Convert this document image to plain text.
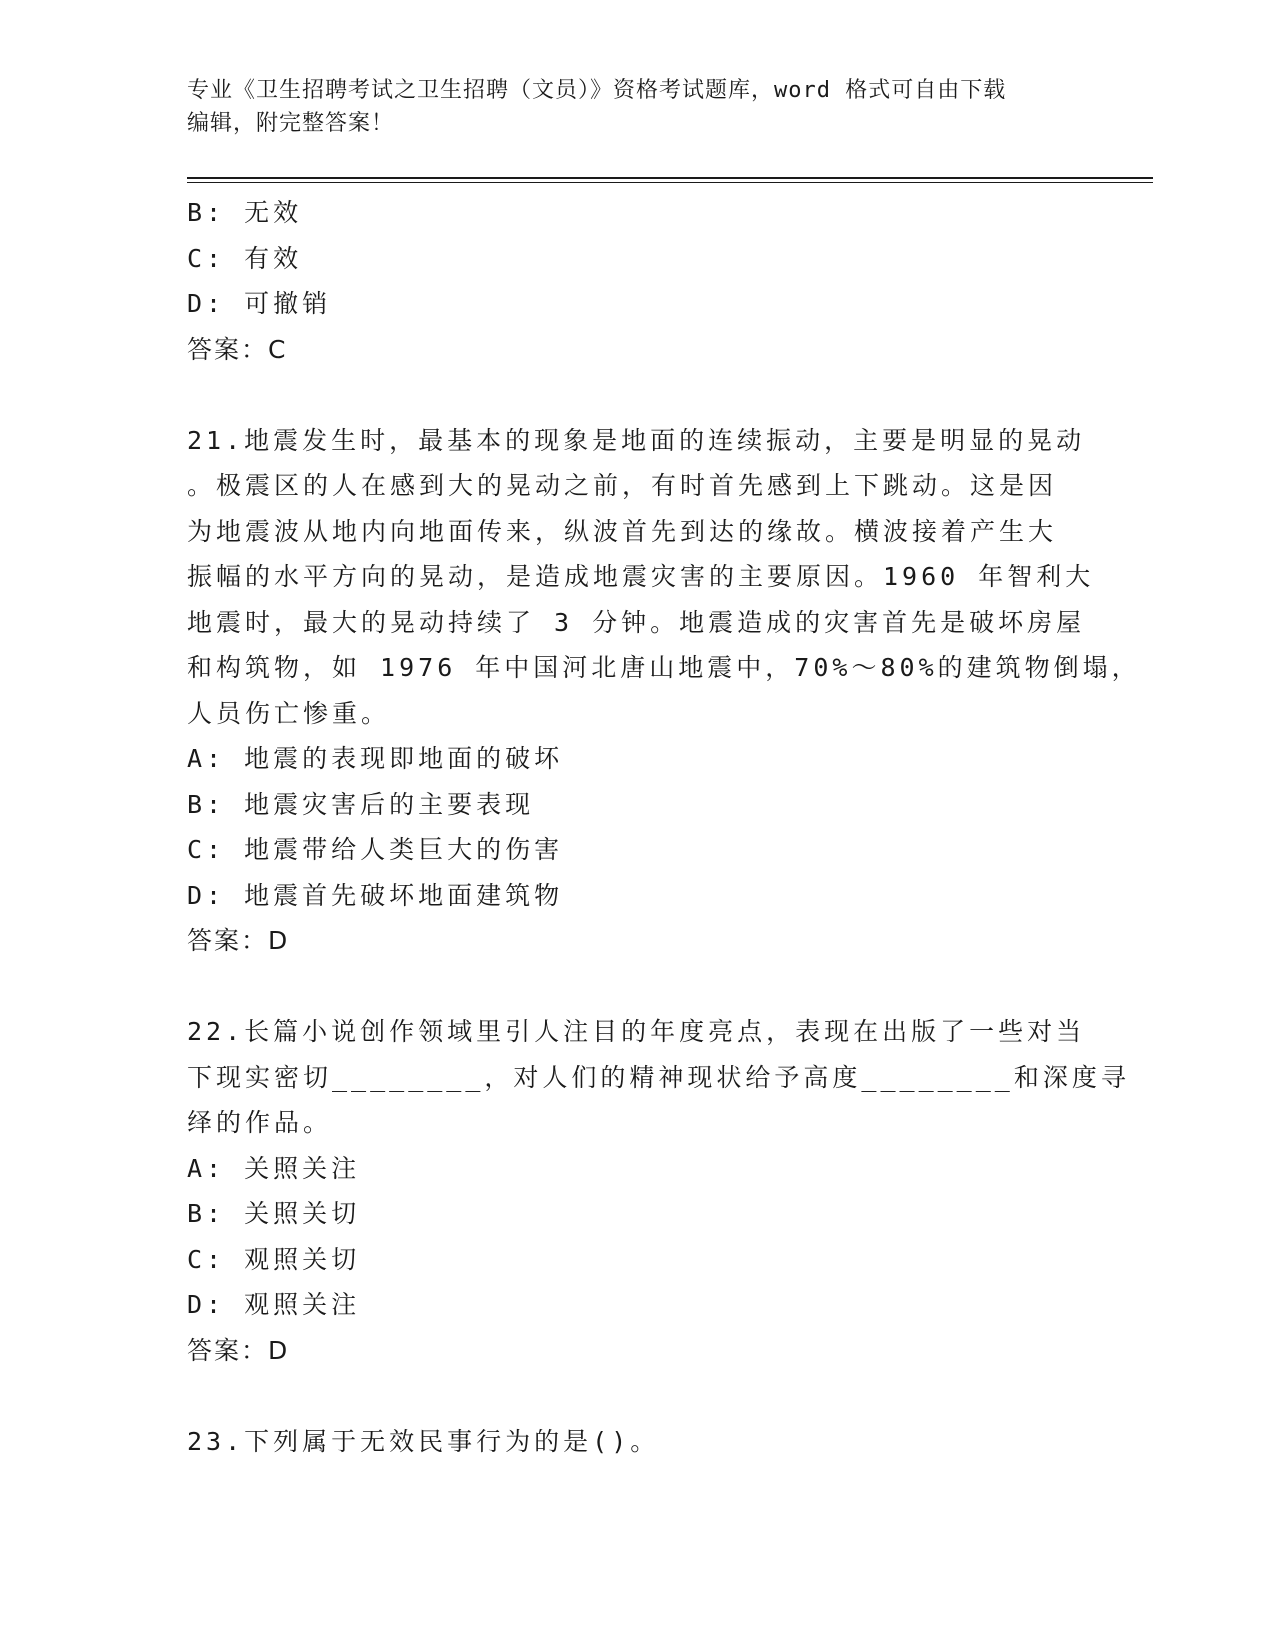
专业《卫生招聘考试之卫生招聘（文员）》资格考试题库，word 格式可自由下载
编辑，附完整答案！
B: 无效
C: 有效
D: 可撤销
答案：C
21.地震发生时，最基本的现象是地面的连续振动，主要是明显的晃动
。极震区的人在感到大的晃动之前，有时首先感到上下跳动。这是因
为地震波从地内向地面传来，纵波首先到达的缘故。横波接着产生大
振幅的水平方向的晃动，是造成地震灾害的主要原因。1960 年智利大
地震时，最大的晃动持续了 3 分钟。地震造成的灾害首先是破坏房屋
和构筑物，如 1976 年中国河北唐山地震中，70%～80%的建筑物倒塌，
人员伤亡惨重。
A: 地震的表现即地面的破坏
B: 地震灾害后的主要表现
C: 地震带给人类巨大的伤害
D: 地震首先破坏地面建筑物
答案：D
22.长篇小说创作领域里引人注目的年度亮点，表现在出版了一些对当
下现实密切________，对人们的精神现状给予高度________和深度寻
绎的作品。
A: 关照关注
B: 关照关切
C: 观照关切
D: 观照关注
答案：D
23.下列属于无效民事行为的是()。
